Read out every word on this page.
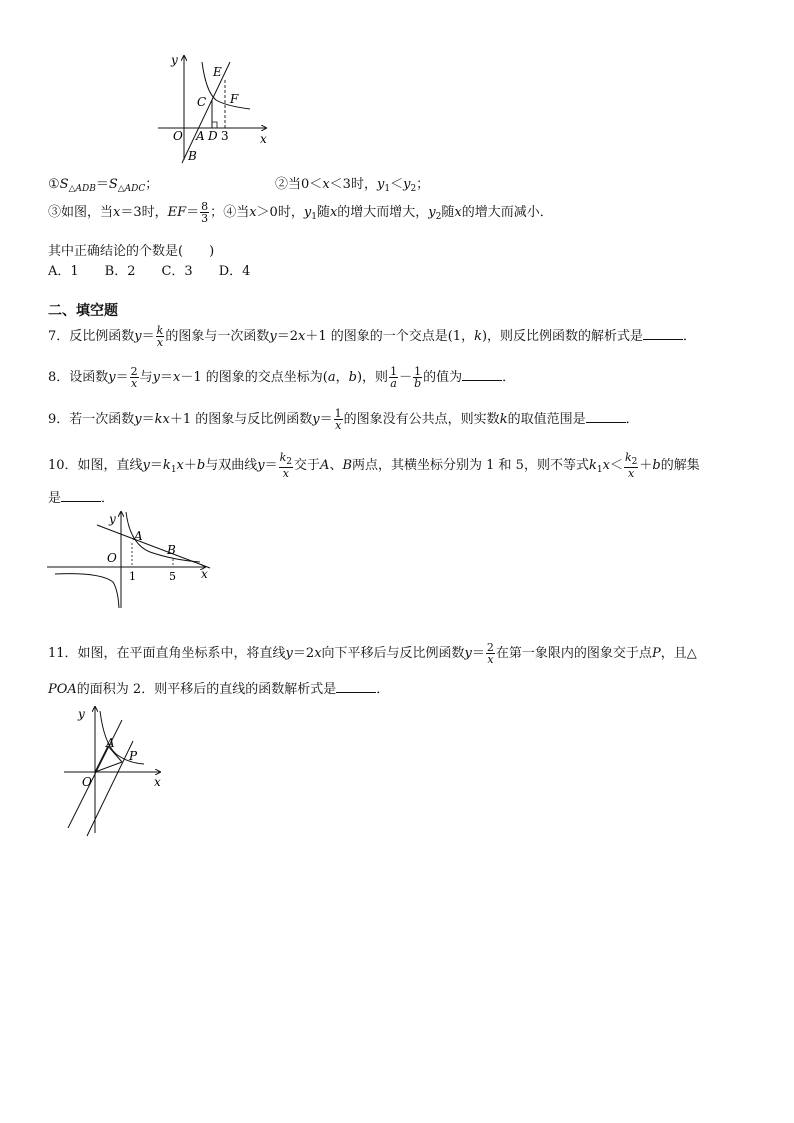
y
E
C F
O A D 3	x
B
$①S_{\triangle ADB}=S_{\triangle ADC}$；	②当0＜x＜3时，$y_1<y_2$；
③如图，当x＝3时，$EF= \frac{8}{3}$ ；④当x＞0时，$y_1$随x的增大而增大，$y_2$随x的增大而减小．
其中正确结论的个数是(　　)
A．1　　B．2　　C．3　　D．4
二、填空题
7．反比例函数$y= \frac{k}{x}$ 的图象与一次函数y＝2x＋1 的图象的一个交点是(1，k)，则反比例函数的解析式是	．
8．设函数$y= \frac{2}{x}$ 与y＝x－1 的图象的交点坐标为(a，b)，则 $\frac{1}{a} - \frac{1}{b}$ 的值为	．
9．若一次函数y＝kx＋1 的图象与反比例函数$y= \frac{1}{x}$ 的图象没有公共点，则实数k的取值范围是	．
10．如图，直线$y=k_1x+b$与双曲线$y= \frac{k_2}{x}$ 交于A、B两点，其横坐标分别为 1 和 5，则不等式$k_1x< \frac{k_2}{x} +b$的解集
是	．
y
A
O
B
1	5 x
11．如图，在平面直角坐标系中，将直线y＝2x向下平移后与反比例函数$y= \frac{2}{x}$ 在第一象限内的图象交于点P，且△
POA的面积为 2．则平移后的直线的函数解析式是	．
y
A
P
O	x
